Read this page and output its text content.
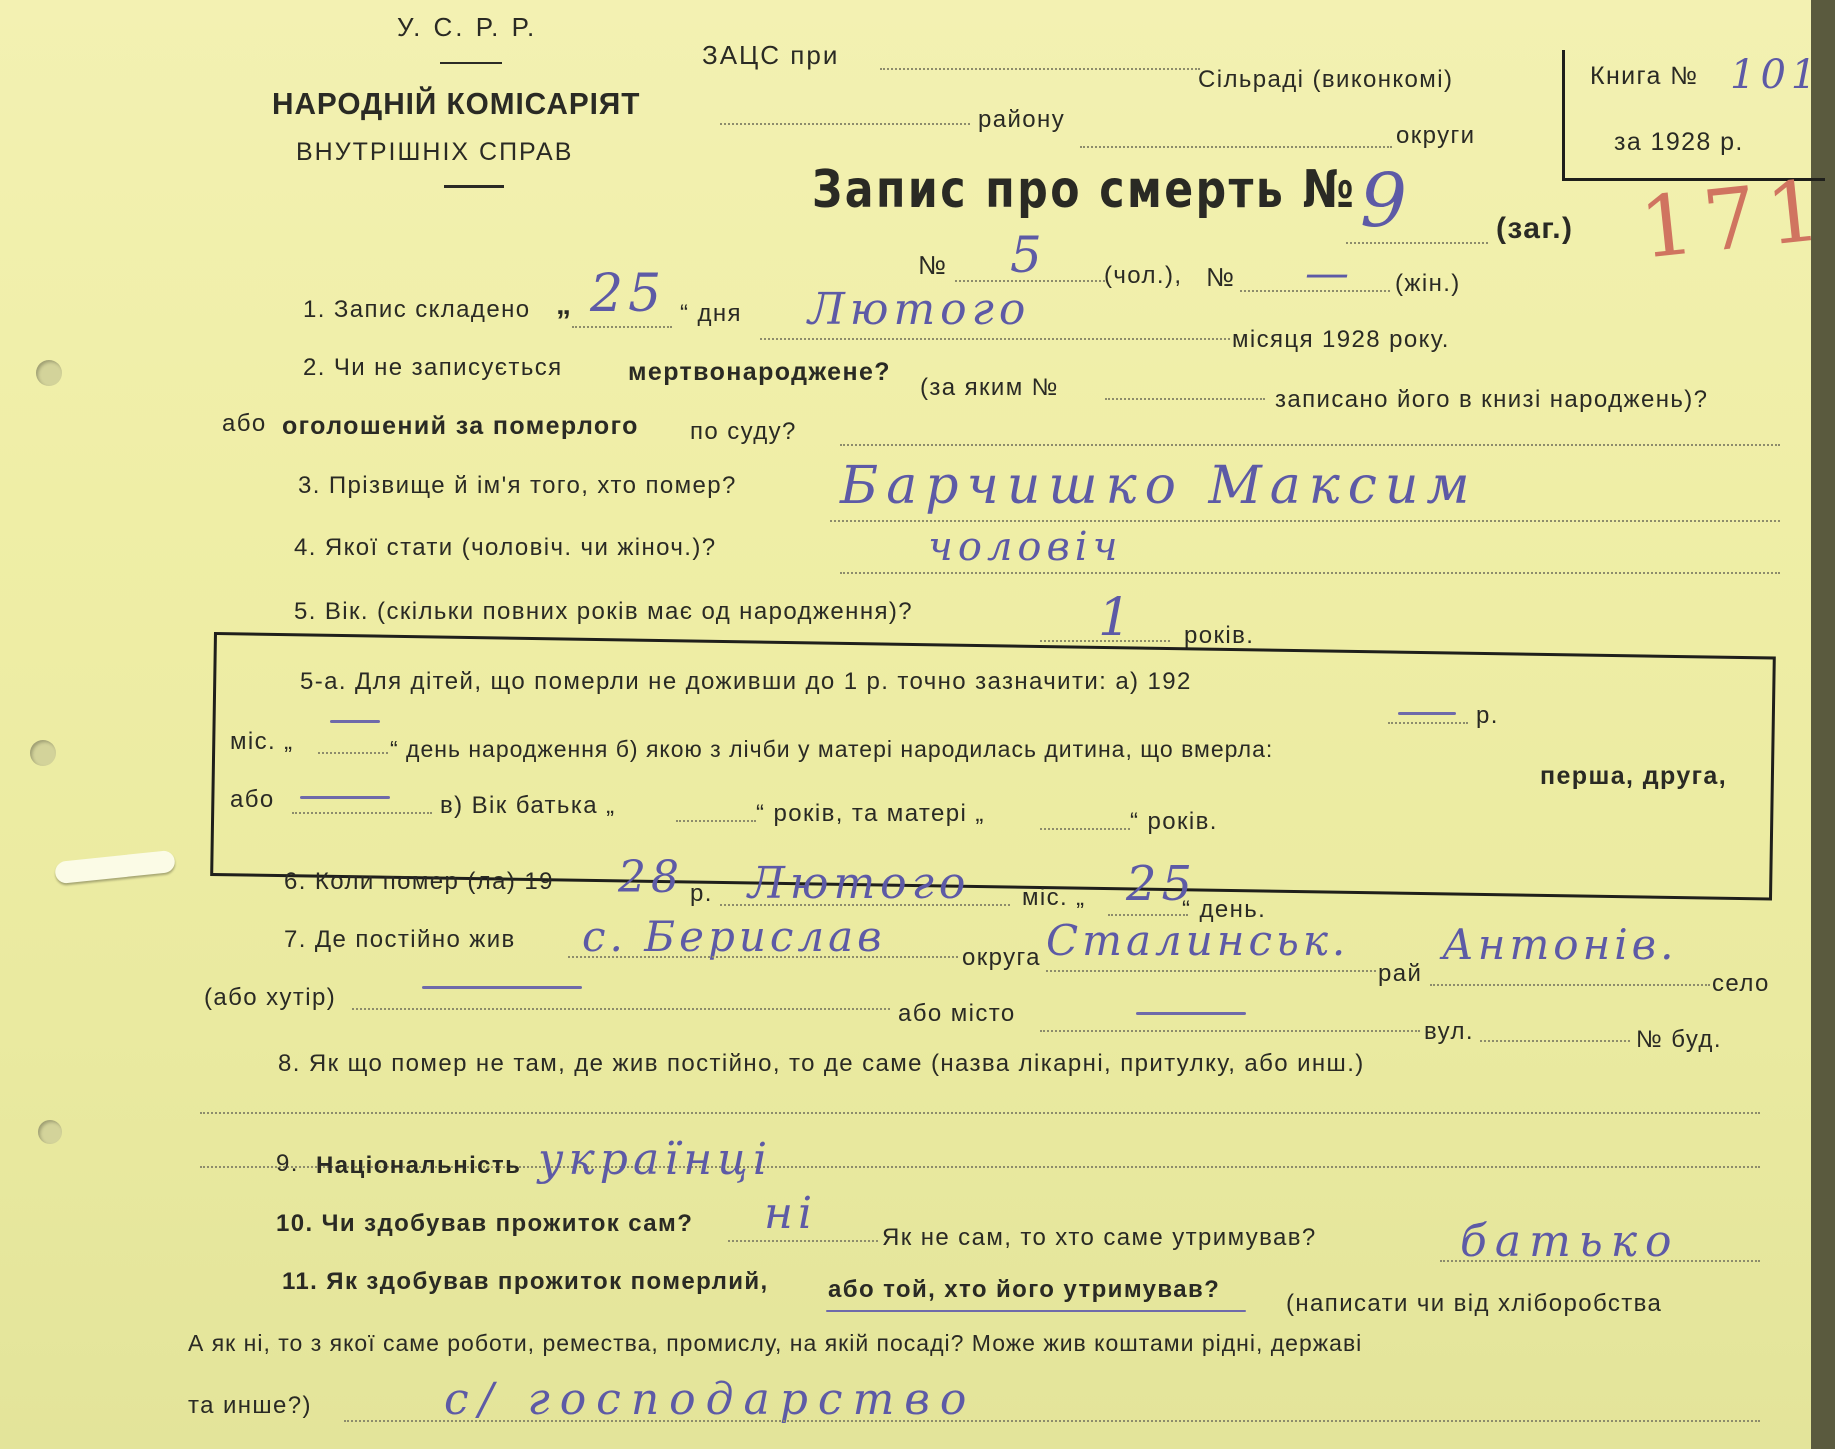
У. С. Р. Р.
НАРОДНІЙ КОМІСАРІЯТ
ВНУТРІШНІХ СПРАВ
ЗАЦС при
Сільраді (виконкомі)
району
округи
Книга № 101
за 1928 р.
Запис про смерть № 9	(заг.) 171
№ 5 (чол.), № — (жін.)
1. Запис складено „ 25 “ дня Лютого
місяця 1928 року.
2. Чи не записується	мертвонароджене?
(за яким №	записано його в книзі народжень)?
або оголошений за померлого по суду?
3. Прізвище й ім'я того, хто помер? Барчишко Максим
4. Якої стати (чоловіч. чи жіноч.)?	чоловіч
5. Вік. (скільки повних років має од народження)?	1 років.
5-а. Для дітей, що померли не доживши до 1 р. точно зазначити: а) 192
р.
міс. „	“ день народження б) якою з лічби у матері народилась дитина, що вмерла:
перша, друга,
або	в) Вік батька „	“ років, та матері „	“ років.
6. Коли помер (ла) 19 28 р. Лютого міс. „ 25
“ день.
7. Де постійно жив с. Берислав	округа Сталинськ.
рай
Антонів.
село
(або хутір)
або місто
вул.	№ буд.
8. Як що помер не там, де жив постійно, то де саме (назва лікарні, притулку, або инш.)
9. Національність українці
10. Чи здобував прожиток сам? ні	Як не сам, то хто саме утримував?	батько
11. Як здобував прожиток померлий, або той, хто його утримував?
(написати чи від хліборобства
А як ні, то з якої саме роботи, ремества, промислу, на якій посаді? Може жив коштами рідні, державі
та инше?)	с/ господарство
